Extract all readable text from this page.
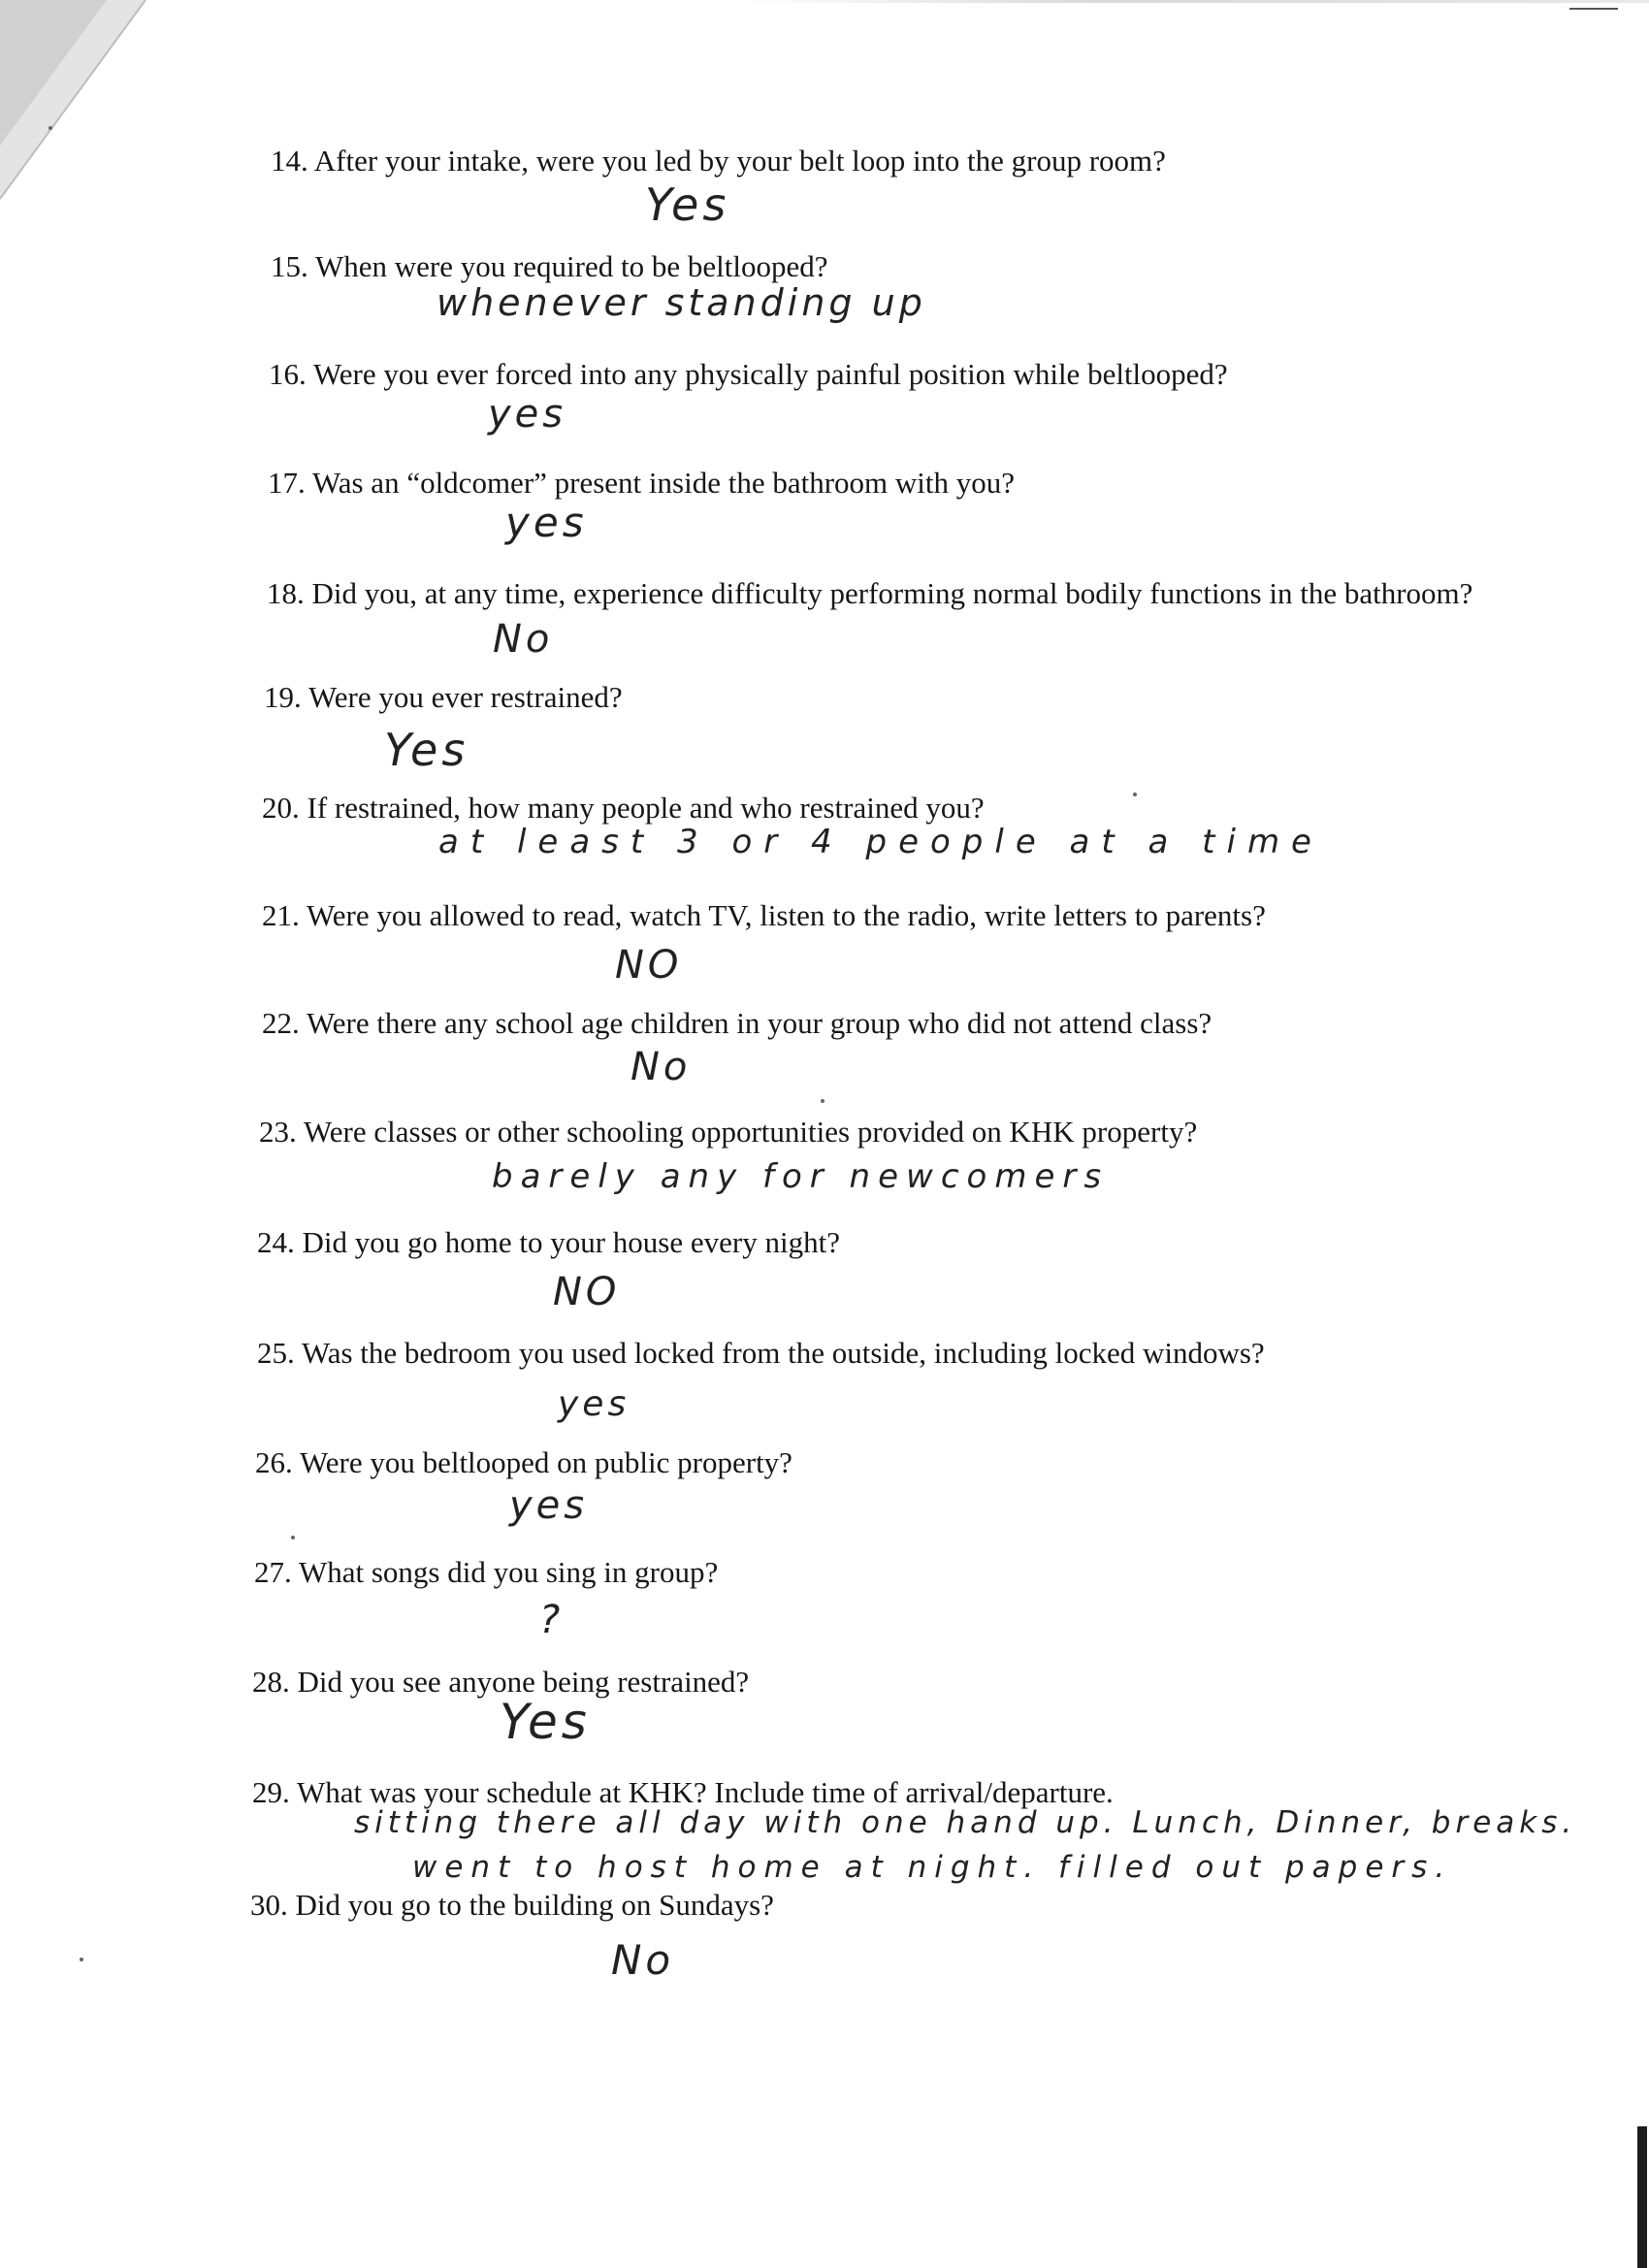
14. After your intake, were you led by your belt loop into the group room?
Yes
15. When were you required to be beltlooped?
whenever standing up
16. Were you ever forced into any physically painful position while beltlooped?
yes
17. Was an “oldcomer” present inside the bathroom with you?
yes
18. Did you, at any time, experience difficulty performing normal bodily functions in the bathroom?
No
19. Were you ever restrained?
Yes
20. If restrained, how many people and who restrained you?
at least 3 or 4 people at a time
21. Were you allowed to read, watch TV, listen to the radio, write letters to parents?
NO
22. Were there any school age children in your group who did not attend class?
No
23. Were classes or other schooling opportunities provided on KHK property?
barely any for newcomers
24. Did you go home to your house every night?
NO
25. Was the bedroom you used locked from the outside, including locked windows?
yes
26. Were you beltlooped on public property?
yes
27. What songs did you sing in group?
?
28. Did you see anyone being restrained?
Yes
29. What was your schedule at KHK? Include time of arrival/departure.
sitting there all day with one hand up. Lunch, Dinner, breaks.
went to host home at night. filled out papers.
30. Did you go to the building on Sundays?
No
